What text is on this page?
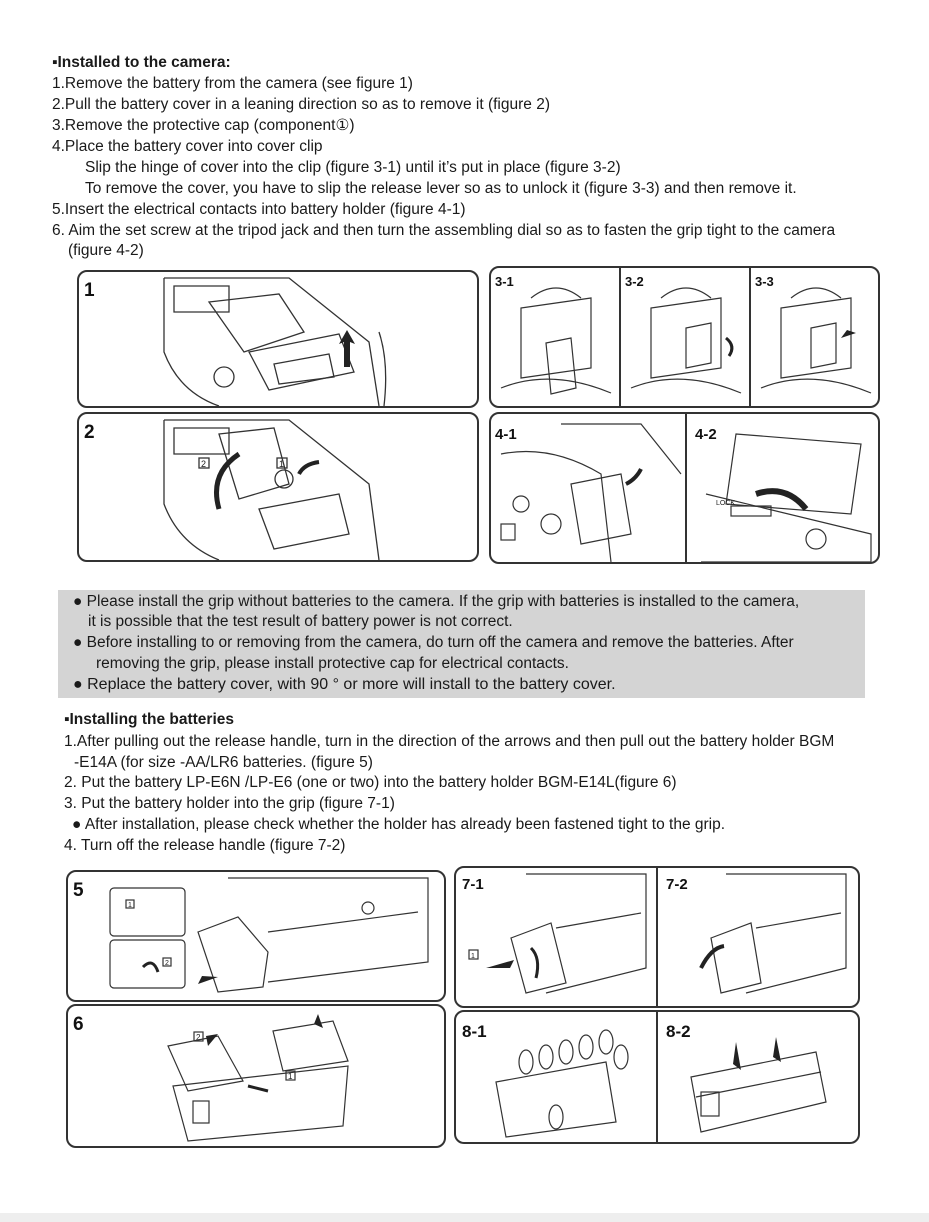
▪Installed to the camera:
1.Remove the battery from the camera (see figure 1)
2.Pull the battery cover in a leaning direction so as to remove it (figure 2)
3.Remove the protective cap (component①)
4.Place the battery cover into cover clip
Slip the hinge of cover into the clip (figure 3-1) until it’s put in place (figure 3-2)
To remove the cover, you have to slip the release lever so as to unlock it (figure 3-3) and then remove it.
5.Insert the electrical contacts into battery holder (figure 4-1)
6. Aim the set screw at the tripod jack and then turn the assembling dial so as to fasten the grip tight to the camera
(figure 4-2)
1
2
2	1
3-1	3-2	3-3
4-1	4-2
LOCK
● Please install the grip without batteries to the camera. If the grip with batteries is installed to the camera,
it is possible that the test result of battery power is not correct.
● Before installing to or removing from the camera, do turn off the camera and remove the batteries. After
removing the grip, please install protective cap for electrical contacts.
● Replace the battery cover, with 90 ° or more will install to the battery cover.
▪Installing the batteries
1.After pulling out the release handle, turn in the direction of the arrows and then pull out the battery holder BGM
-E14A (for size -AA/LR6 batteries. (figure 5)
2. Put the battery LP-E6N /LP-E6 (one or two) into the battery holder BGM-E14L(figure 6)
3. Put the battery holder into the grip (figure 7-1)
● After installation, please check whether the holder has already been fastened tight to the grip.
4. Turn off the release handle (figure 7-2)
5
1
2
6
2
1
7-1	7-2
1
8-1	8-2
